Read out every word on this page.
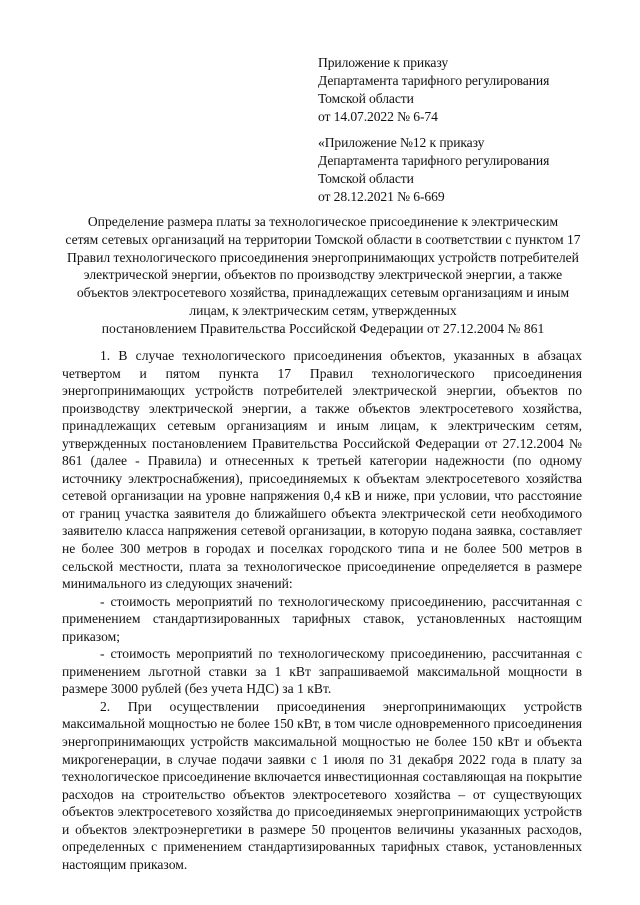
Приложение к приказу
Департамента тарифного регулирования
Томской области
от 14.07.2022 № 6-74
«Приложение №12 к приказу
Департамента тарифного регулирования
Томской области
от 28.12.2021 № 6-669
Определение размера платы за технологическое присоединение к электрическим
сетям сетевых организаций на территории Томской области в соответствии с пунктом 17
Правил технологического присоединения энергопринимающих устройств потребителей
электрической энергии, объектов по производству электрической энергии, а также
объектов электросетевого хозяйства, принадлежащих сетевым организациям и иным
лицам, к электрическим сетям, утвержденных
постановлением Правительства Российской Федерации от 27.12.2004 № 861

1. В случае технологического присоединения объектов, указанных в абзацах четвертом и пятом пункта 17 Правил технологического присоединения энергопринимающих устройств потребителей электрической энергии, объектов по производству электрической энергии, а также объектов электросетевого хозяйства, принадлежащих сетевым организациям и иным лицам, к электрическим сетям, утвержденных постановлением Правительства Российской Федерации от 27.12.2004 № 861 (далее - Правила) и отнесенных к третьей категории надежности (по одному источнику электроснабжения), присоединяемых к объектам электросетевого хозяйства сетевой организации на уровне напряжения 0,4 кВ и ниже, при условии, что расстояние от границ участка заявителя до ближайшего объекта электрической сети необходимого заявителю класса напряжения сетевой организации, в которую подана заявка, составляет не более 300 метров в городах и поселках городского типа и не более 500 метров в сельской местности, плата за технологическое присоединение определяется в размере минимального из следующих значений:

- стоимость мероприятий по технологическому присоединению, рассчитанная с применением стандартизированных тарифных ставок, установленных настоящим приказом;

- стоимость мероприятий по технологическому присоединению, рассчитанная с применением льготной ставки за 1 кВт запрашиваемой максимальной мощности в размере 3000 рублей (без учета НДС) за 1 кВт.

2. При осуществлении присоединения энергопринимающих устройств максимальной мощностью не более 150 кВт, в том числе одновременного присоединения энергопринимающих устройств максимальной мощностью не более 150 кВт и объекта микрогенерации, в случае подачи заявки с 1 июля по 31 декабря 2022 года в плату за технологическое присоединение включается инвестиционная составляющая на покрытие расходов на строительство объектов электросетевого хозяйства – от существующих объектов электросетевого хозяйства до присоединяемых энергопринимающих устройств и объектов электроэнергетики в размере 50 процентов величины указанных расходов, определенных с применением стандартизированных тарифных ставок, установленных настоящим приказом.
